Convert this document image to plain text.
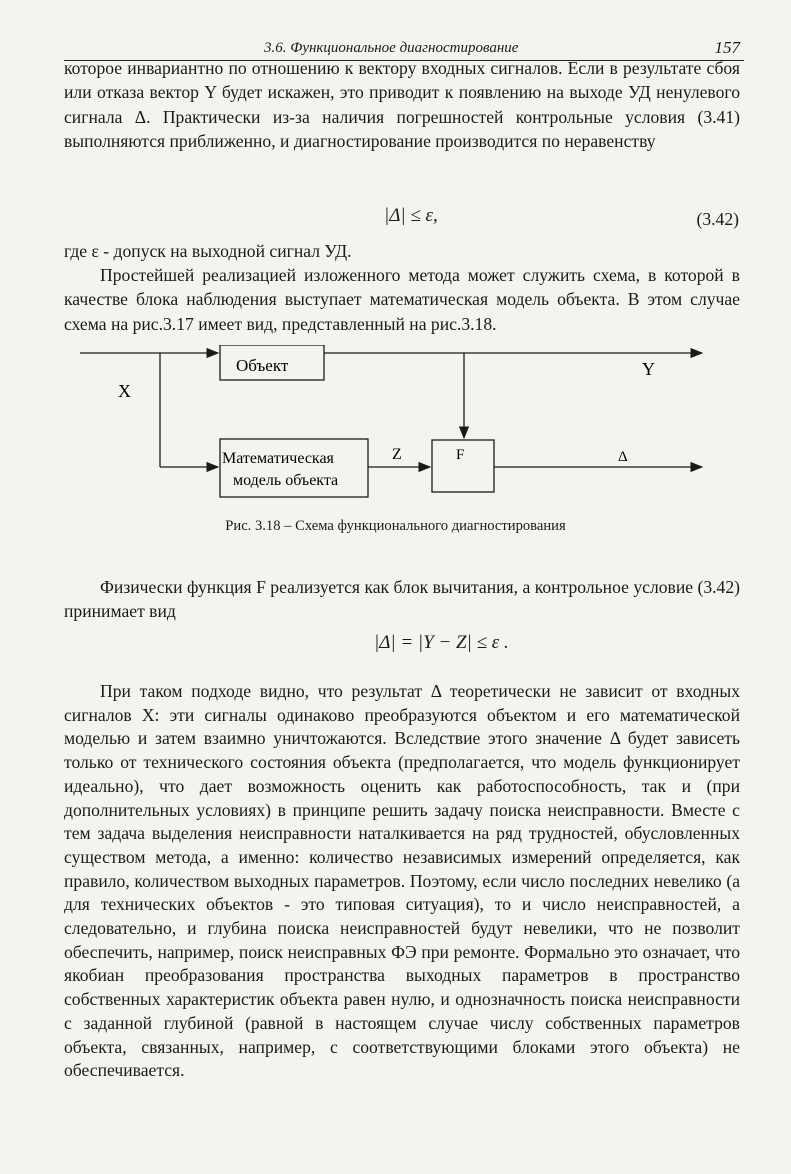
3.6. Функциональное диагностирование	157

которое инвариантно по отношению к вектору входных сигналов. Если в результате сбоя или отказа вектор Y будет искажен, это приводит к появлению на выходе УД ненулевого сигнала Δ. Практически из-за наличия погрешностей контрольные условия (3.41) выполняются приближенно, и диагностирование производится по неравенству

|Δ| ≤ ε,	(3.42)

где ε - допуск на выходной сигнал УД.

Простейшей реализацией изложенного метода может служить схема, в которой в качестве блока наблюдения выступает математическая модель объекта. В этом случае схема на рис.3.17 имеет вид, представленный на рис.3.18.

Объект
Математическая
модель объекта
F
X
Y
Z	Δ
Рис. 3.18 – Схема функционального диагностирования

Физически функция F реализуется как блок вычитания, а контрольное условие (3.42) принимает вид

|Δ| = |Y − Z| ≤ ε .

При таком подходе видно, что результат Δ теоретически не зависит от входных сигналов X: эти сигналы одинаково преобразуются объектом и его математической моделью и затем взаимно уничтожаются. Вследствие этого значение Δ будет зависеть только от технического состояния объекта (предполагается, что модель функционирует идеально), что дает возможность оценить как работоспособность, так и (при дополнительных условиях) в принципе решить задачу поиска неисправности. Вместе с тем задача выделения неисправности наталкивается на ряд трудностей, обусловленных существом метода, а именно: количество независимых измерений определяется, как правило, количеством выходных параметров. Поэтому, если число последних невелико (а для технических объектов - это типовая ситуация), то и число неисправностей, а следовательно, и глубина поиска неисправностей будут невелики, что не позволит обеспечить, например, поиск неисправных ФЭ при ремонте. Формально это означает, что якобиан преобразования пространства выходных параметров в пространство собственных характеристик объекта равен нулю, и однозначность поиска неисправности с заданной глубиной (равной в настоящем случае числу собственных параметров объекта, связанных, например, с соответствующими блоками этого объекта) не обеспечивается.
